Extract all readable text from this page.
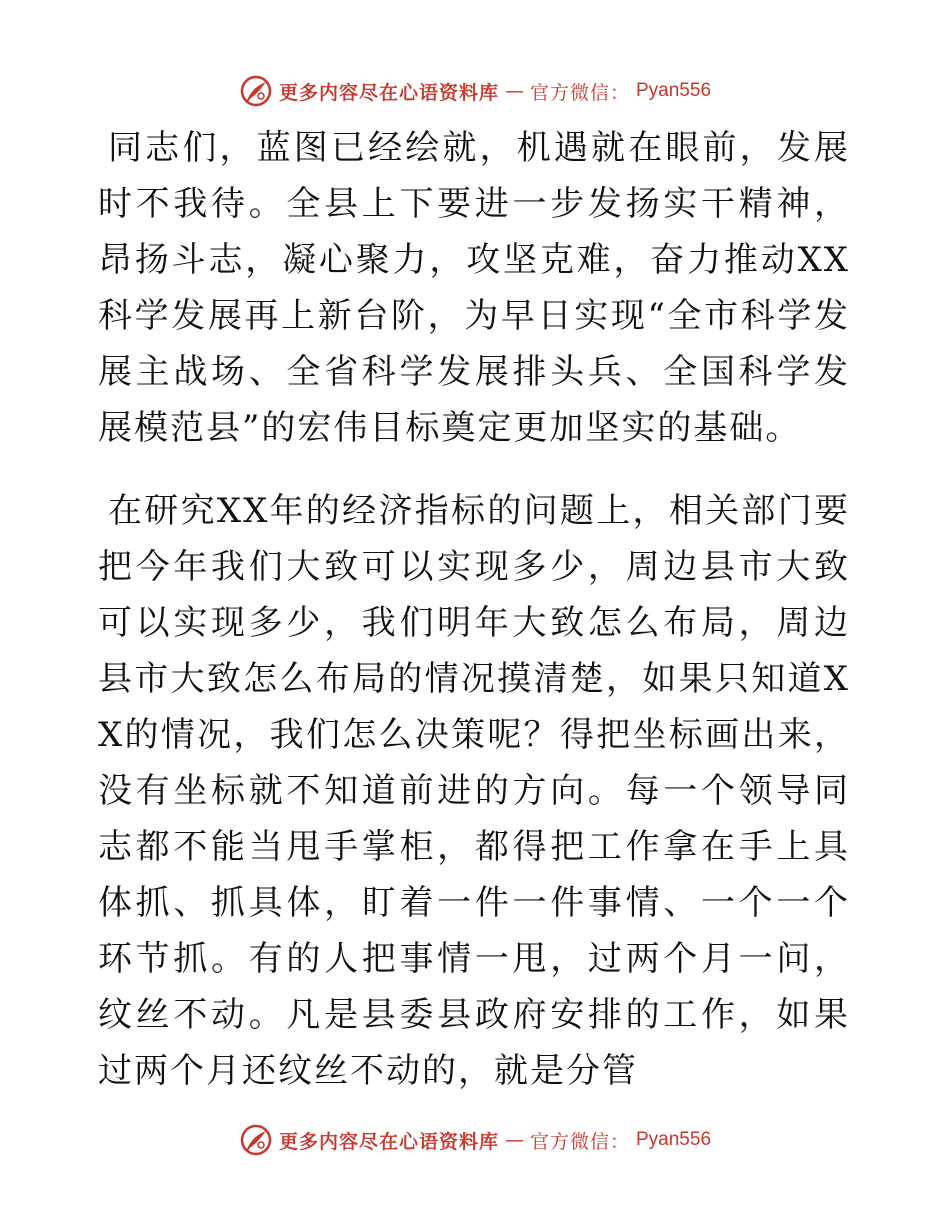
更多内容尽在心语资料库 — 官方微信： Pyan556

同志们，蓝图已经绘就，机遇就在眼前，发展时不我待。全县上下要进一步发扬实干精神，昂扬斗志，凝心聚力，攻坚克难，奋力推动XX科学发展再上新台阶，为早日实现“全市科学发展主战场、全省科学发展排头兵、全国科学发展模范县”的宏伟目标奠定更加坚实的基础。

在研究XX年的经济指标的问题上，相关部门要把今年我们大致可以实现多少，周边县市大致可以实现多少，我们明年大致怎么布局，周边县市大致怎么布局的情况摸清楚，如果只知道XX的情况，我们怎么决策呢？得把坐标画出来，没有坐标就不知道前进的方向。每一个领导同志都不能当甩手掌柜，都得把工作拿在手上具体抓、抓具体，盯着一件一件事情、一个一个环节抓。有的人把事情一甩，过两个月一问，纹丝不动。凡是县委县政府安排的工作，如果过两个月还纹丝不动的，就是分管

更多内容尽在心语资料库 — 官方微信： Pyan556
